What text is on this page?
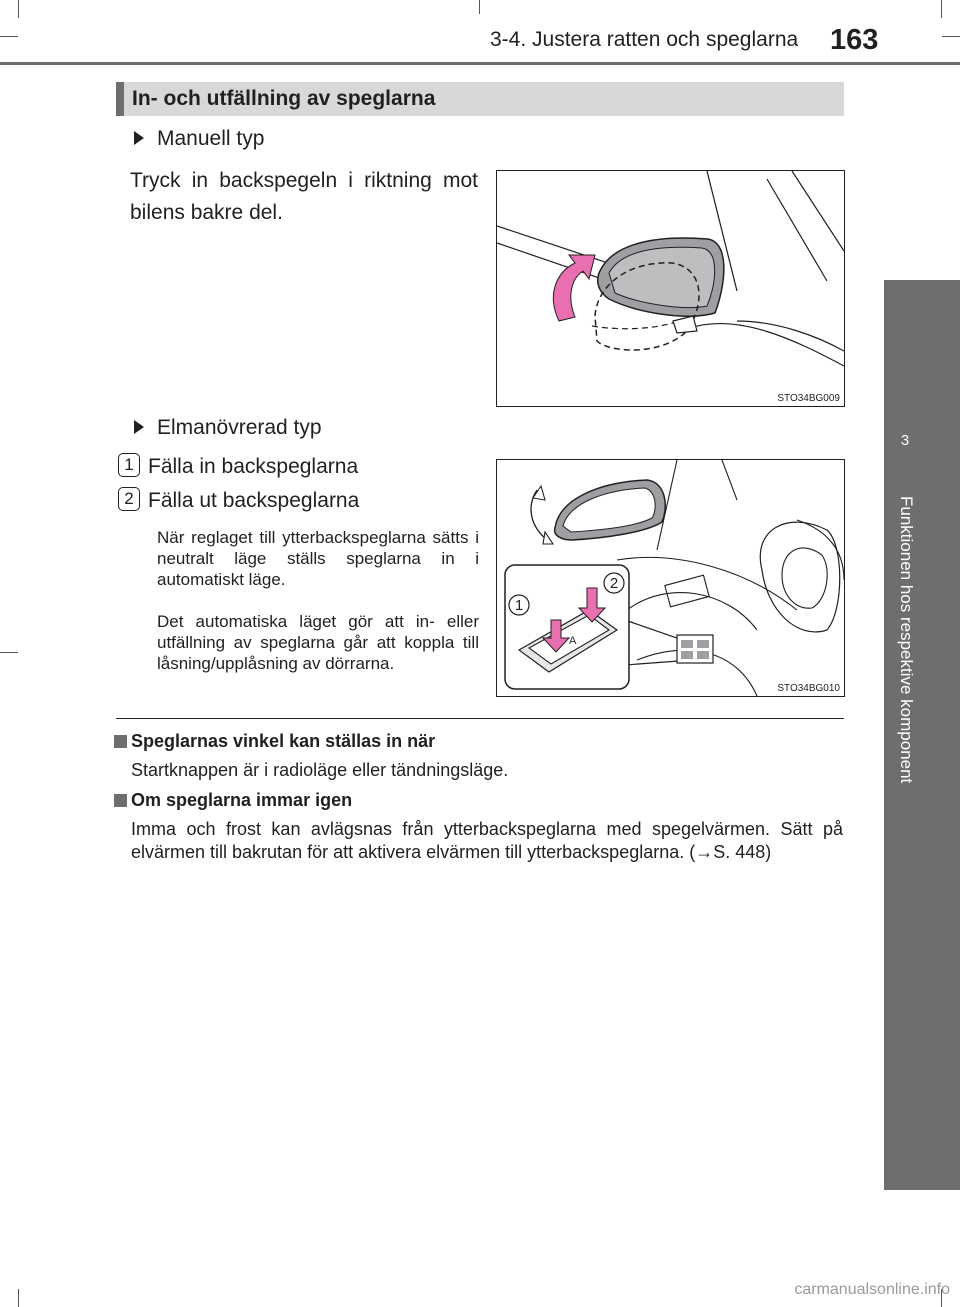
3-4. Justera ratten och speglarna 163
3
Funktionen hos respektive komponent
In- och utfällning av speglarna
Manuell typ
Tryck in backspegeln i riktning mot bilens bakre del.
STO34BG009
Elmanövrerad typ
1 Fälla in backspeglarna
2 Fälla ut backspeglarna
När reglaget till ytterbackspeglarna sätts i neutralt läge ställs speglarna in i automatiskt läge.
Det automatiska läget gör att in- eller utfällning av speglarna går att koppla till låsning/upplåsning av dörrarna.
1
2
A
STO34BG010
Speglarnas vinkel kan ställas in när
Startknappen är i radioläge eller tändningsläge.
Om speglarna immar igen
Imma och frost kan avlägsnas från ytterbackspeglarna med spegelvärmen. Sätt på elvärmen till bakrutan för att aktivera elvärmen till ytterbackspeglarna. (→S. 448)
carmanualsonline.info
